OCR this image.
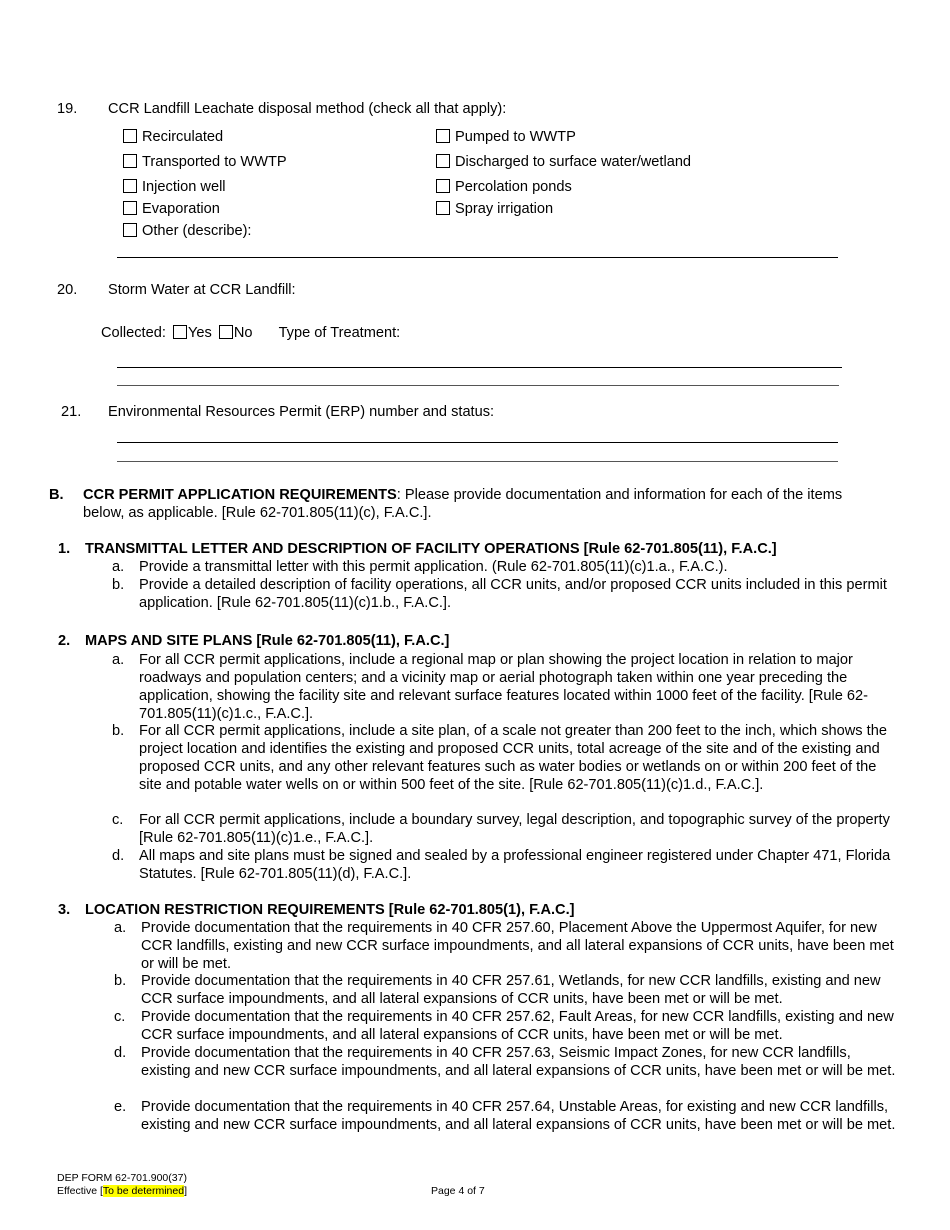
19. CCR Landfill Leachate disposal method (check all that apply):
Recirculated
Transported to WWTP
Injection well
Evaporation
Other (describe):
Pumped to WWTP
Discharged to surface water/wetland
Percolation ponds
Spray irrigation
20. Storm Water at CCR Landfill:
Collected: Yes No Type of Treatment:
21. Environmental Resources Permit (ERP) number and status:
B. CCR PERMIT APPLICATION REQUIREMENTS: Please provide documentation and information for each of the items below, as applicable. [Rule 62-701.805(11)(c), F.A.C.].
1. TRANSMITTAL LETTER AND DESCRIPTION OF FACILITY OPERATIONS [Rule 62-701.805(11), F.A.C.]
a. Provide a transmittal letter with this permit application. (Rule 62-701.805(11)(c)1.a., F.A.C.).
b. Provide a detailed description of facility operations, all CCR units, and/or proposed CCR units included in this permit application. [Rule 62-701.805(11)(c)1.b., F.A.C.].
2. MAPS AND SITE PLANS [Rule 62-701.805(11), F.A.C.]
a. For all CCR permit applications, include a regional map or plan showing the project location in relation to major roadways and population centers; and a vicinity map or aerial photograph taken within one year preceding the application, showing the facility site and relevant surface features located within 1000 feet of the facility. [Rule 62-701.805(11)(c)1.c., F.A.C.].
b. For all CCR permit applications, include a site plan, of a scale not greater than 200 feet to the inch, which shows the project location and identifies the existing and proposed CCR units, total acreage of the site and of the existing and proposed CCR units, and any other relevant features such as water bodies or wetlands on or within 200 feet of the site and potable water wells on or within 500 feet of the site. [Rule 62-701.805(11)(c)1.d., F.A.C.].
c. For all CCR permit applications, include a boundary survey, legal description, and topographic survey of the property [Rule 62-701.805(11)(c)1.e., F.A.C.].
d. All maps and site plans must be signed and sealed by a professional engineer registered under Chapter 471, Florida Statutes. [Rule 62-701.805(11)(d), F.A.C.].
3. LOCATION RESTRICTION REQUIREMENTS [Rule 62-701.805(1), F.A.C.]
a. Provide documentation that the requirements in 40 CFR 257.60, Placement Above the Uppermost Aquifer, for new CCR landfills, existing and new CCR surface impoundments, and all lateral expansions of CCR units, have been met or will be met.
b. Provide documentation that the requirements in 40 CFR 257.61, Wetlands, for new CCR landfills, existing and new CCR surface impoundments, and all lateral expansions of CCR units, have been met or will be met.
c. Provide documentation that the requirements in 40 CFR 257.62, Fault Areas, for new CCR landfills, existing and new CCR surface impoundments, and all lateral expansions of CCR units, have been met or will be met.
d. Provide documentation that the requirements in 40 CFR 257.63, Seismic Impact Zones, for new CCR landfills, existing and new CCR surface impoundments, and all lateral expansions of CCR units, have been met or will be met.
e. Provide documentation that the requirements in 40 CFR 257.64, Unstable Areas, for existing and new CCR landfills, existing and new CCR surface impoundments, and all lateral expansions of CCR units, have been met or will be met.
DEP FORM 62-701.900(37)
Effective [To be determined]	Page 4 of 7
